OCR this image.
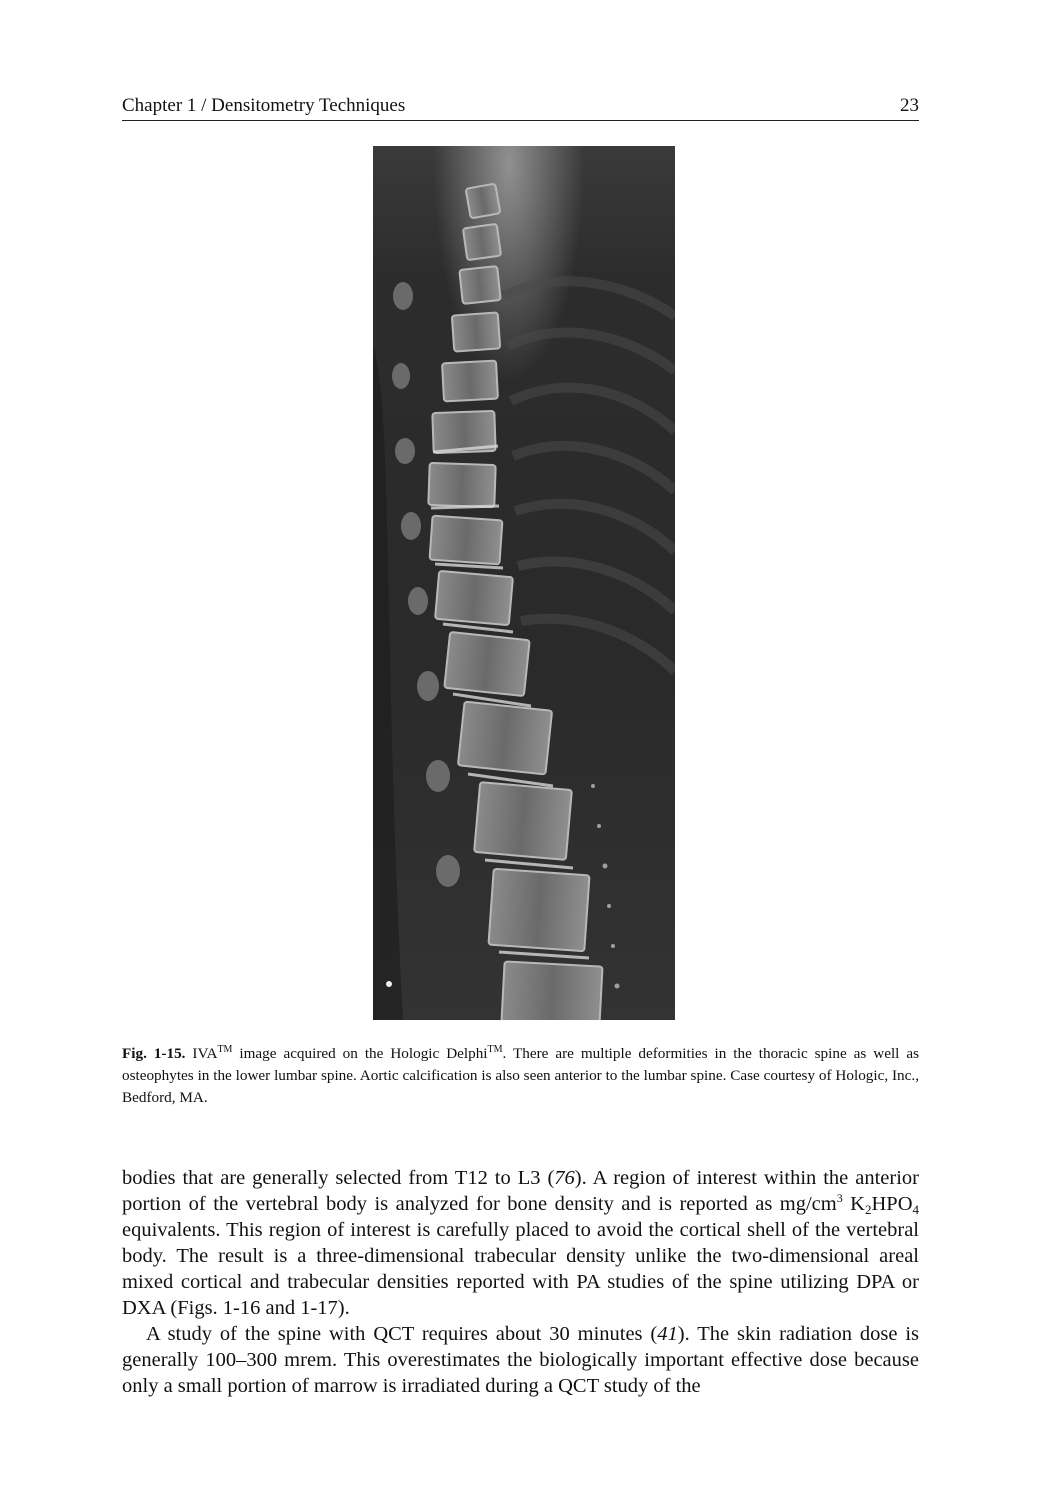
Chapter 1 / Densitometry Techniques	23
Fig. 1-15. IVA™ image acquired on the Hologic Delphi™. There are multiple deformities in the thoracic spine as well as osteophytes in the lower lumbar spine. Aortic calcification is also seen anterior to the lumbar spine. Case courtesy of Hologic, Inc., Bedford, MA.

bodies that are generally selected from T12 to L3 (76). A region of interest within the anterior portion of the vertebral body is analyzed for bone density and is reported as $mg/cm^3$ $K_2HPO_4$ equivalents. This region of interest is carefully placed to avoid the cortical shell of the vertebral body. The result is a three-dimensional trabecular density unlike the two-dimensional areal mixed cortical and trabecular densities reported with PA studies of the spine utilizing DPA or DXA (Figs. 1-16 and 1-17).

A study of the spine with QCT requires about 30 minutes (41). The skin radiation dose is generally 100–300 mrem. This overestimates the biologically important effective dose because only a small portion of marrow is irradiated during a QCT study of the
